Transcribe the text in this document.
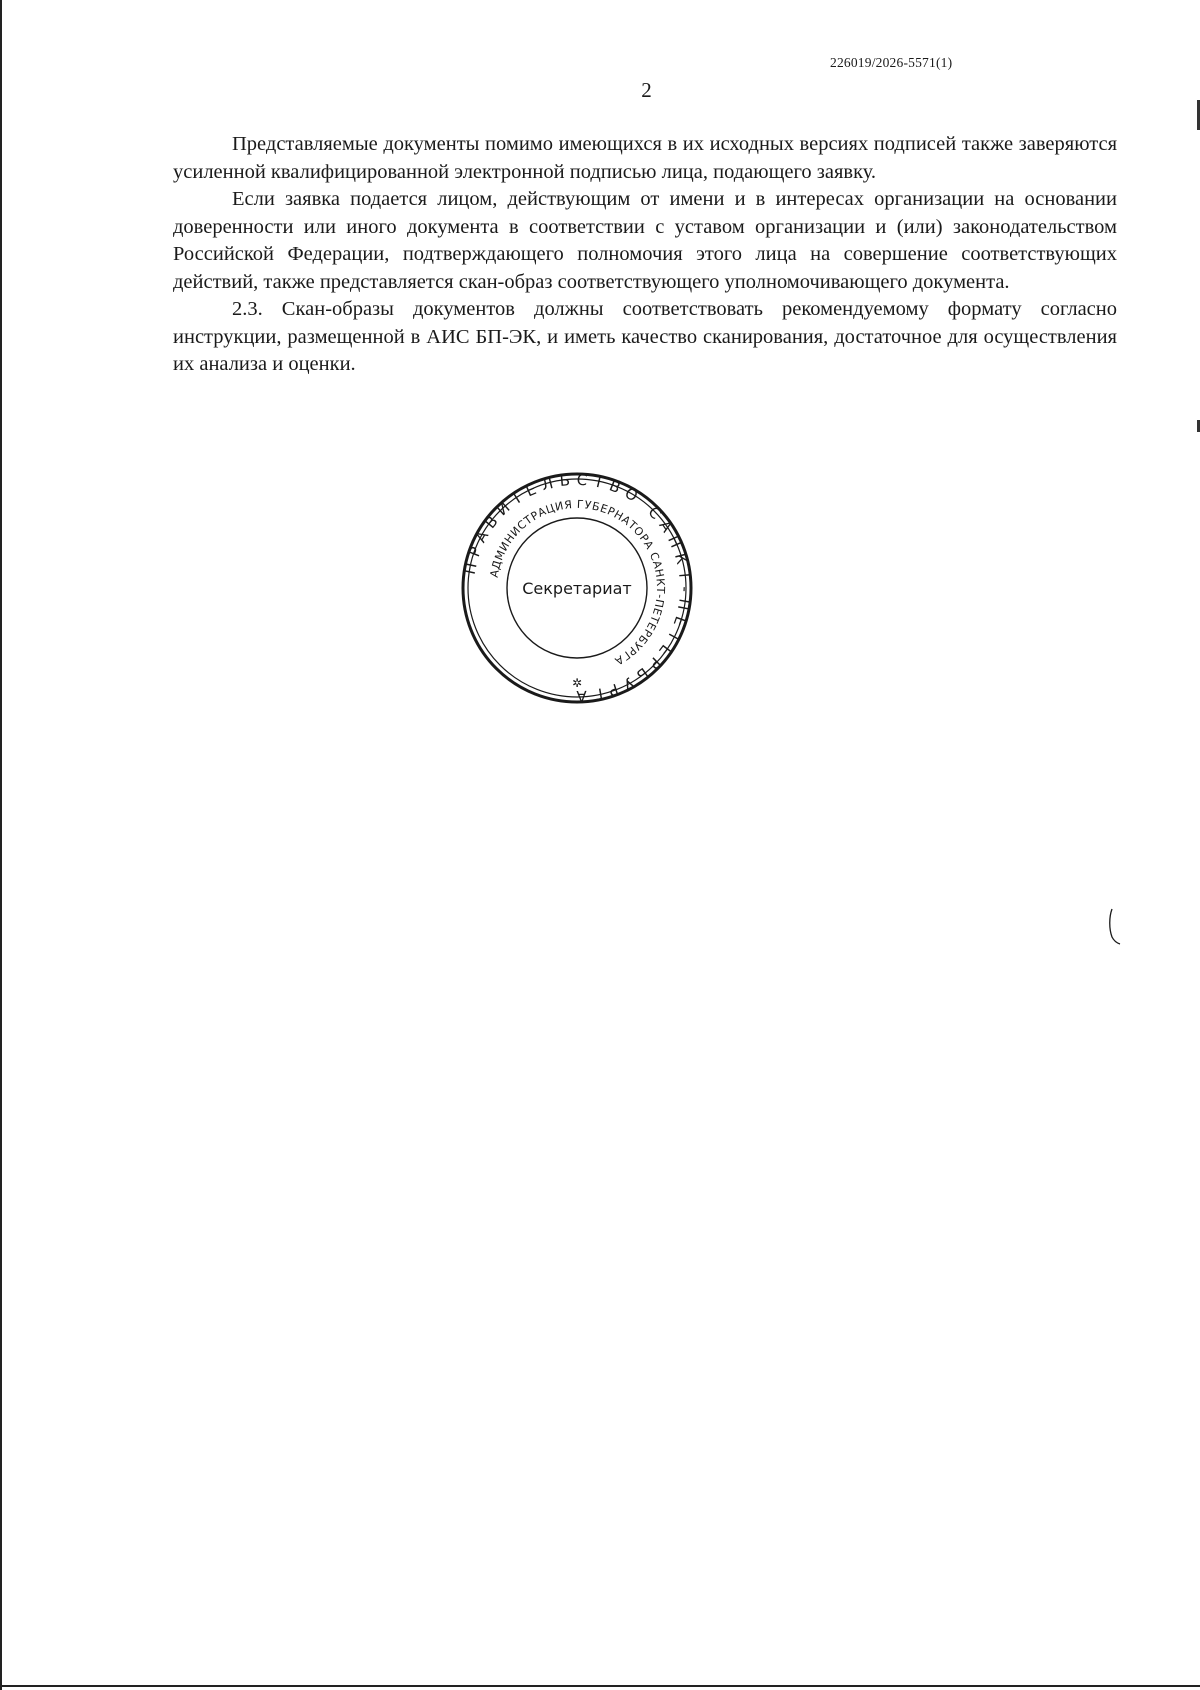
226019/2026-5571(1)
2

Представляемые документы помимо имеющихся в их исходных версиях подписей также заверяются усиленной квалифицированной электронной подписью лица, подающего заявку.

Если заявка подается лицом, действующим от имени и в интересах организации на основании доверенности или иного документа в соответствии с уставом организации и (или) законодательством Российской Федерации, подтверждающего полномочия этого лица на совершение соответствующих действий, также представляется скан-образ соответствующего уполномочивающего документа.

2.3. Скан-образы документов должны соответствовать рекомендуемому формату согласно инструкции, размещенной в АИС БП-ЭК, и иметь качество сканирования, достаточное для осуществления их анализа и оценки.

ПРАВИТЕЛЬСТВО САНКТ-ПЕТЕРБУРГА
АДМИНИСТРАЦИЯ ГУБЕРНАТОРА САНКТ-ПЕТЕРБУРГА
Секретариат
✲
